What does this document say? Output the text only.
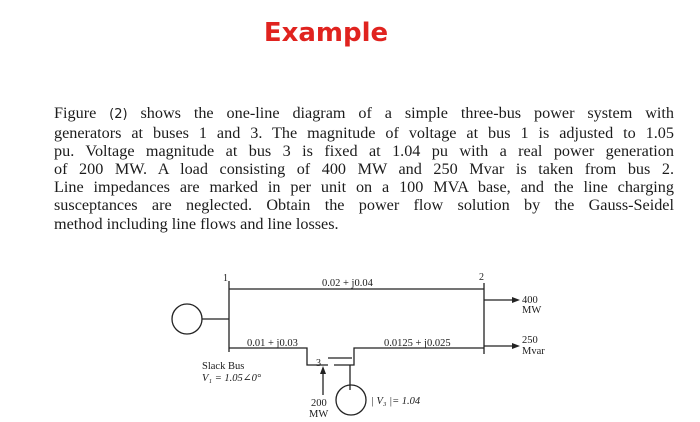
Example
Figure (2) shows the one-line diagram of a simple three-bus power system with
generators at buses 1 and 3. The magnitude of voltage at bus 1 is adjusted to 1.05
pu. Voltage magnitude at bus 3 is fixed at 1.04 pu with a real power generation
of 200 MW. A load consisting of 400 MW and 250 Mvar is taken from bus 2.
Line impedances are marked in per unit on a 100 MVA base, and the line charging
susceptances are neglected. Obtain the power flow solution by the Gauss-Seidel
method including line flows and line losses.
1	2
3
0.02 + j0.04
0.01 + j0.03	0.0125 + j0.025
400
MW
250
Mvar
Slack Bus
V₁ = 1.05∠0°
200
MW
| V₃ |= 1.04
